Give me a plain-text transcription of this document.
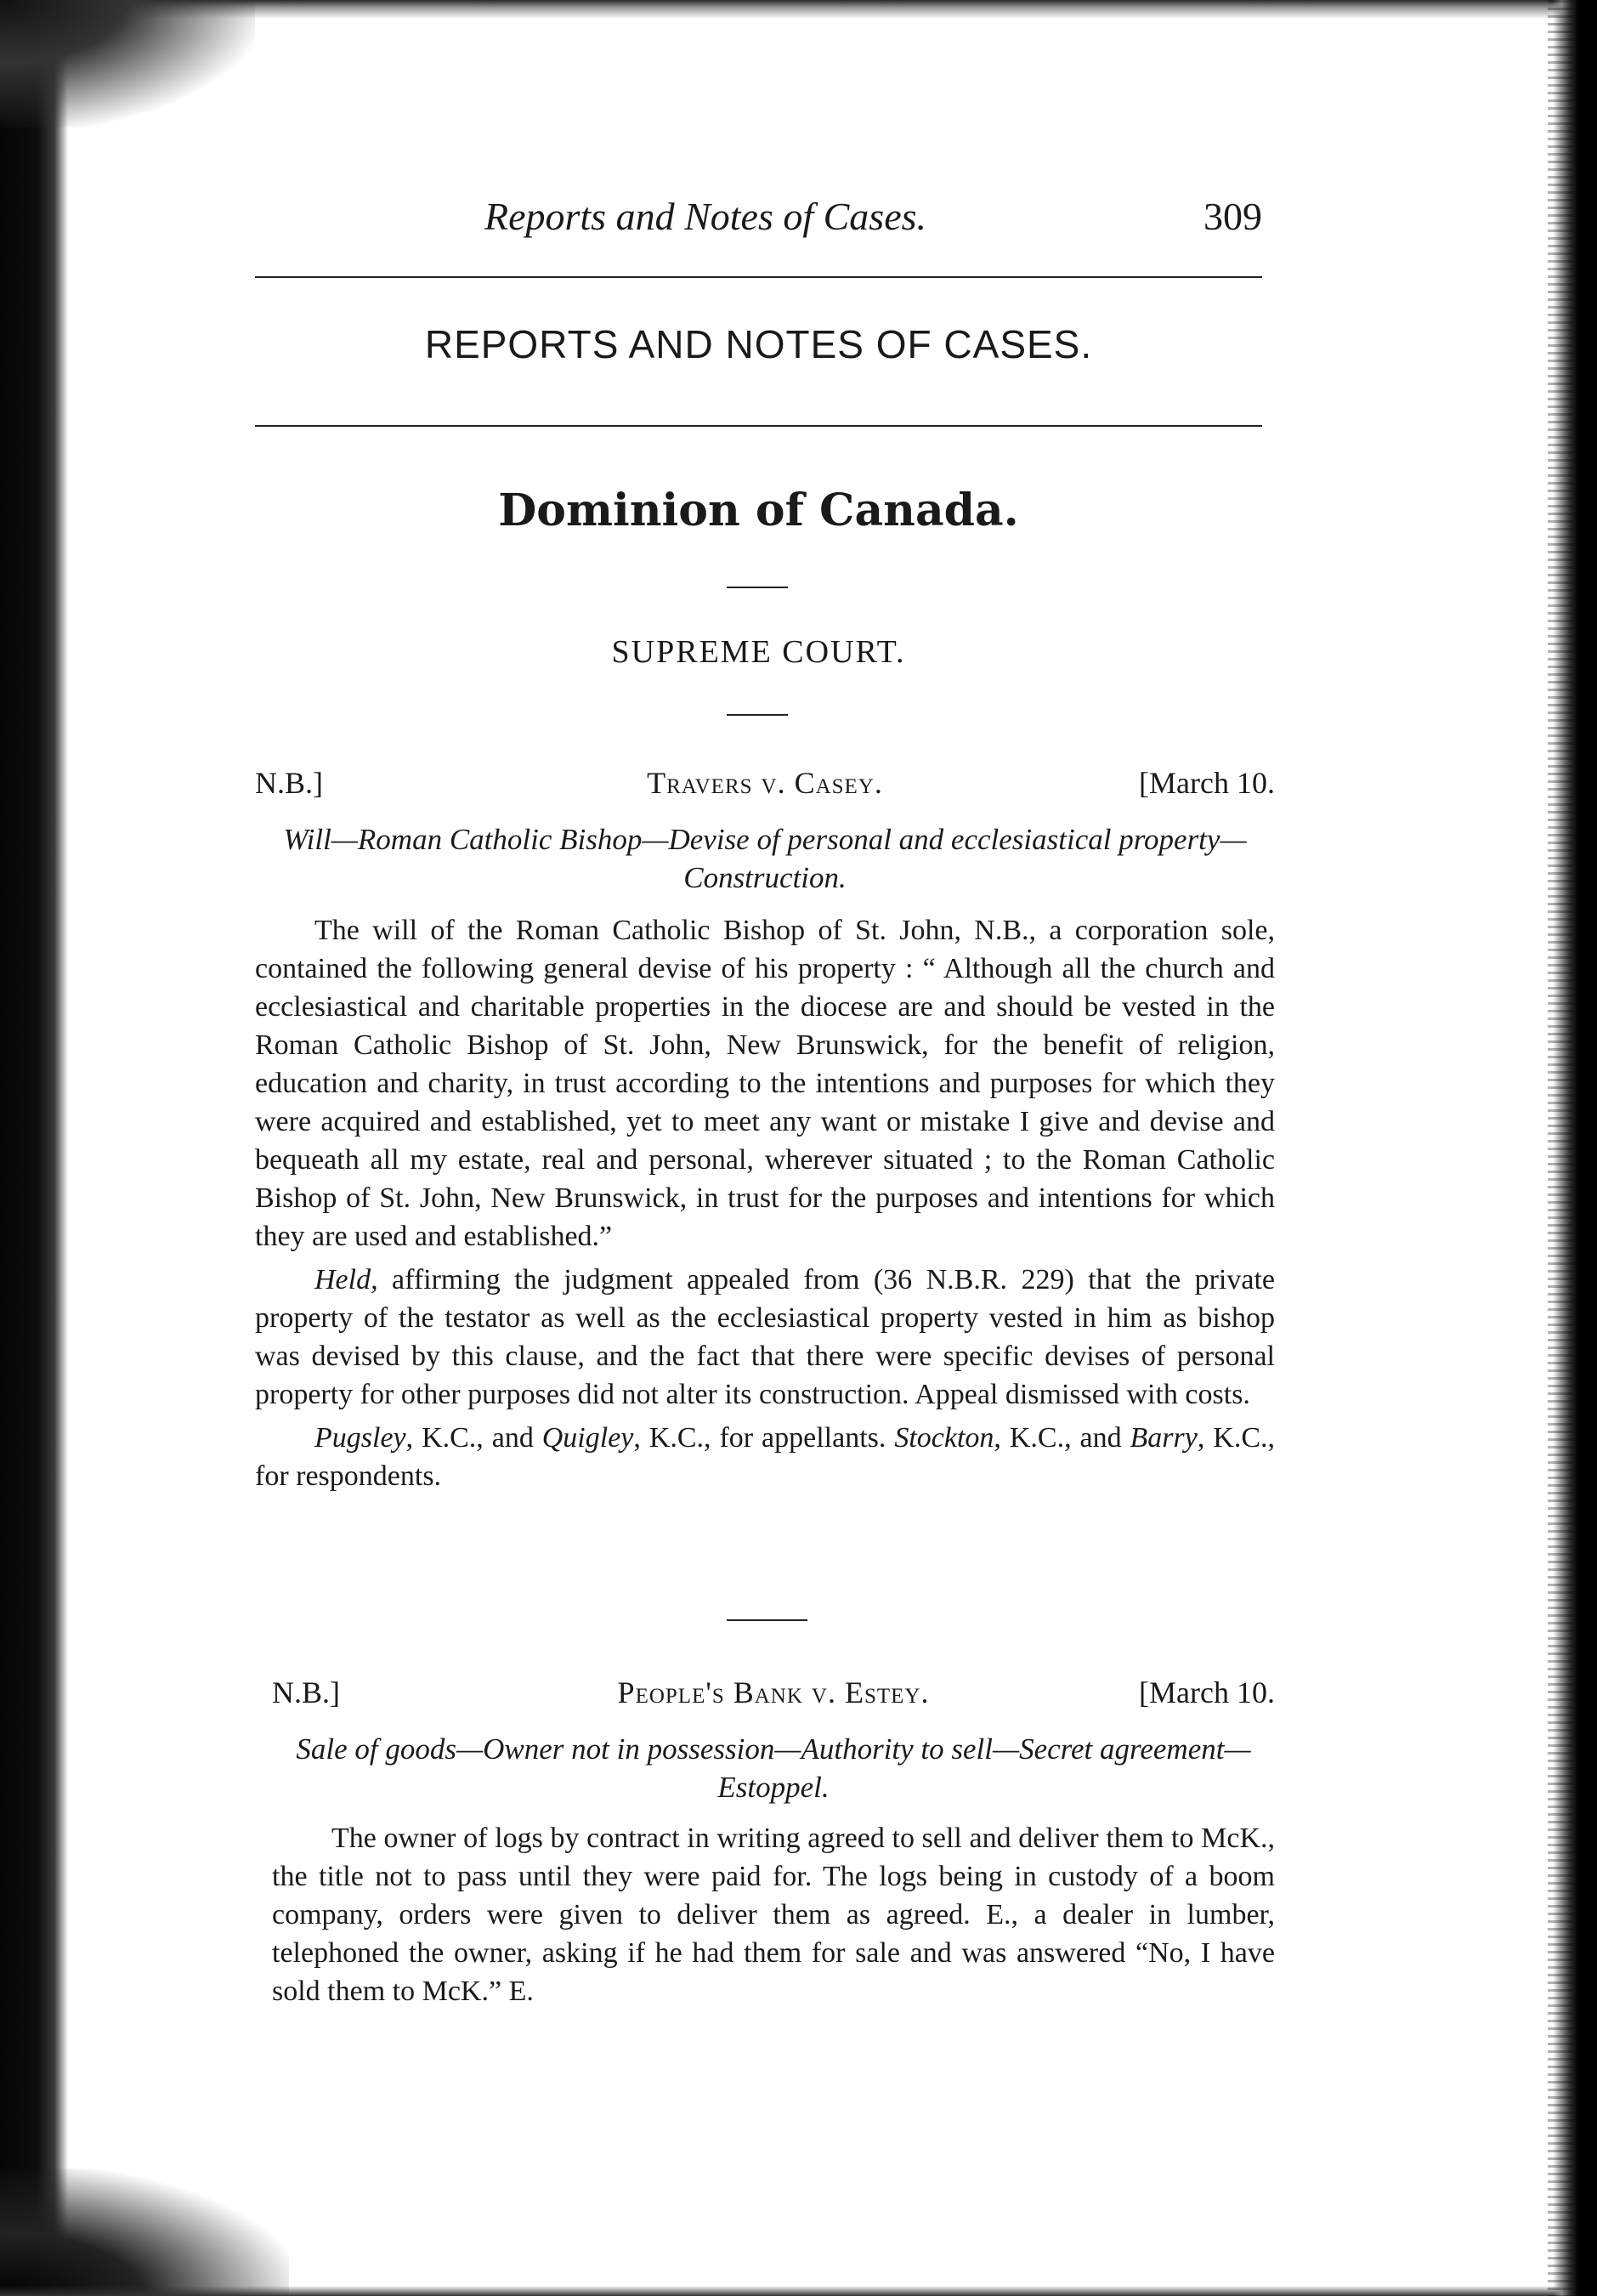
Reports and Notes of Cases.	309
REPORTS AND NOTES OF CASES.
Dominion of Canada.
SUPREME COURT.
N.B.]	Travers v. Casey.	[March 10.
Will—Roman Catholic Bishop—Devise of personal and ecclesiastical property—Construction.

The will of the Roman Catholic Bishop of St. John, N.B., a corporation sole, contained the following general devise of his property : “ Although all the church and ecclesiastical and charitable properties in the diocese are and should be vested in the Roman Catholic Bishop of St. John, New Brunswick, for the benefit of religion, education and charity, in trust according to the intentions and purposes for which they were acquired and established, yet to meet any want or mistake I give and devise and bequeath all my estate, real and personal, wherever situated ; to the Roman Catholic Bishop of St. John, New Brunswick, in trust for the purposes and intentions for which they are used and established.”

Held, affirming the judgment appealed from (36 N.B.R. 229) that the private property of the testator as well as the ecclesiastical property vested in him as bishop was devised by this clause, and the fact that there were specific devises of personal property for other purposes did not alter its construction. Appeal dismissed with costs.

Pugsley, K.C., and Quigley, K.C., for appellants. Stockton, K.C., and Barry, K.C., for respondents.

N.B.]	People's Bank v. Estey.	[March 10.
Sale of goods—Owner not in possession—Authority to sell—Secret agreement—Estoppel.

The owner of logs by contract in writing agreed to sell and deliver them to McK., the title not to pass until they were paid for. The logs being in custody of a boom company, orders were given to deliver them as agreed. E., a dealer in lumber, telephoned the owner, asking if he had them for sale and was answered “No, I have sold them to McK.” E.
